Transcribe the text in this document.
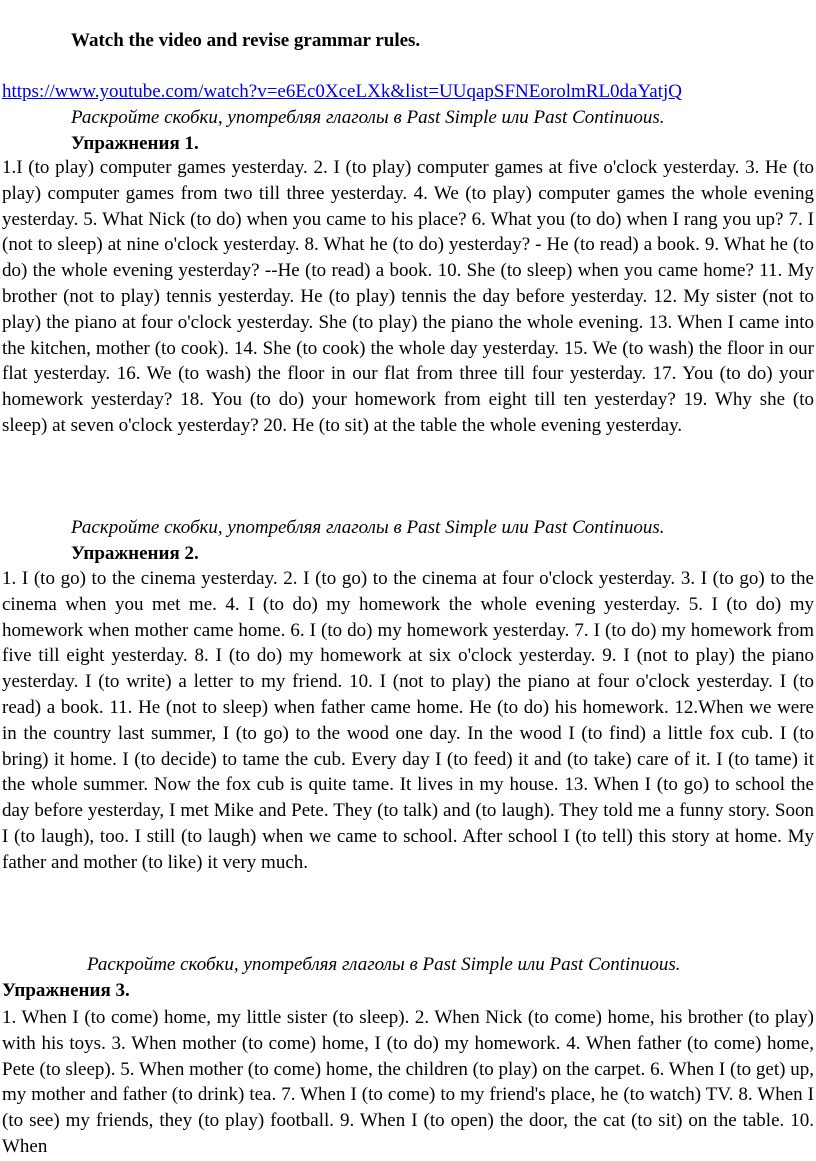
Watch the video and revise grammar rules.
https://www.youtube.com/watch?v=e6Ec0XceLXk&list=UUqapSFNEorolmRL0daYatjQ
Раскройте скобки, употребляя глаголы в Past Simple или Past Continuous.
Упражнения 1.

1.I (to play) computer games yesterday. 2. I (to play) computer games at five o'clock yesterday. 3. He (to play) computer games from two till three yesterday. 4. We (to play) computer games the whole evening yesterday. 5. What Nick (to do) when you came to his place? 6. What you (to do) when I rang you up? 7. I (not to sleep) at nine o'clock yesterday. 8. What he (to do) yesterday? - He (to read) a book. 9. What he (to do) the whole evening yesterday? --He (to read) a book. 10. She (to sleep) when you came home? 11. My brother (not to play) tennis yesterday. He (to play) tennis the day before yesterday. 12. My sister (not to play) the piano at four o'clock yesterday. She (to play) the piano the whole evening. 13. When I came into the kitchen, mother (to cook). 14. She (to cook) the whole day yesterday. 15. We (to wash) the floor in our flat yesterday. 16. We (to wash) the floor in our flat from three till four yesterday. 17. You (to do) your homework yesterday? 18. You (to do) your homework from eight till ten yesterday? 19. Why she (to sleep) at seven o'clock yesterday? 20. He (to sit) at the table the whole evening yesterday.

Раскройте скобки, употребляя глаголы в Past Simple или Past Continuous.
Упражнения 2.

1. I (to go) to the cinema yesterday. 2. I (to go) to the cinema at four o'clock yesterday. 3. I (to go) to the cinema when you met me. 4. I (to do) my homework the whole evening yesterday. 5. I (to do) my homework when mother came home. 6. I (to do) my homework yesterday. 7. I (to do) my homework from five till eight yesterday. 8. I (to do) my homework at six o'clock yesterday. 9. I (not to play) the piano yesterday. I (to write) a letter to my friend. 10. I (not to play) the piano at four o'clock yesterday. I (to read) a book. 11. He (not to sleep) when father came home. He (to do) his homework. 12.When we were in the country last summer, I (to go) to the wood one day. In the wood I (to find) a little fox cub. I (to bring) it home. I (to decide) to tame the cub. Every day I (to feed) it and (to take) care of it. I (to tame) it the whole summer. Now the fox cub is quite tame. It lives in my house. 13. When I (to go) to school the day before yesterday, I met Mike and Pete. They (to talk) and (to laugh). They told me a funny story. Soon I (to laugh), too. I still (to laugh) when we came to school. After school I (to tell) this story at home. My father and mother (to like) it very much.

Раскройте скобки, употребляя глаголы в Past Simple или Past Continuous.
Упражнения 3.

1. When I (to come) home, my little sister (to sleep). 2. When Nick (to come) home, his brother (to play) with his toys. 3. When mother (to come) home, I (to do) my homework. 4. When father (to come) home, Pete (to sleep). 5. When mother (to come) home, the children (to play) on the carpet. 6. When I (to get) up, my mother and father (to drink) tea. 7. When I (to come) to my friend's place, he (to watch) TV. 8. When I (to see) my friends, they (to play) football. 9. When I (to open) the door, the cat (to sit) on the table. 10. When
